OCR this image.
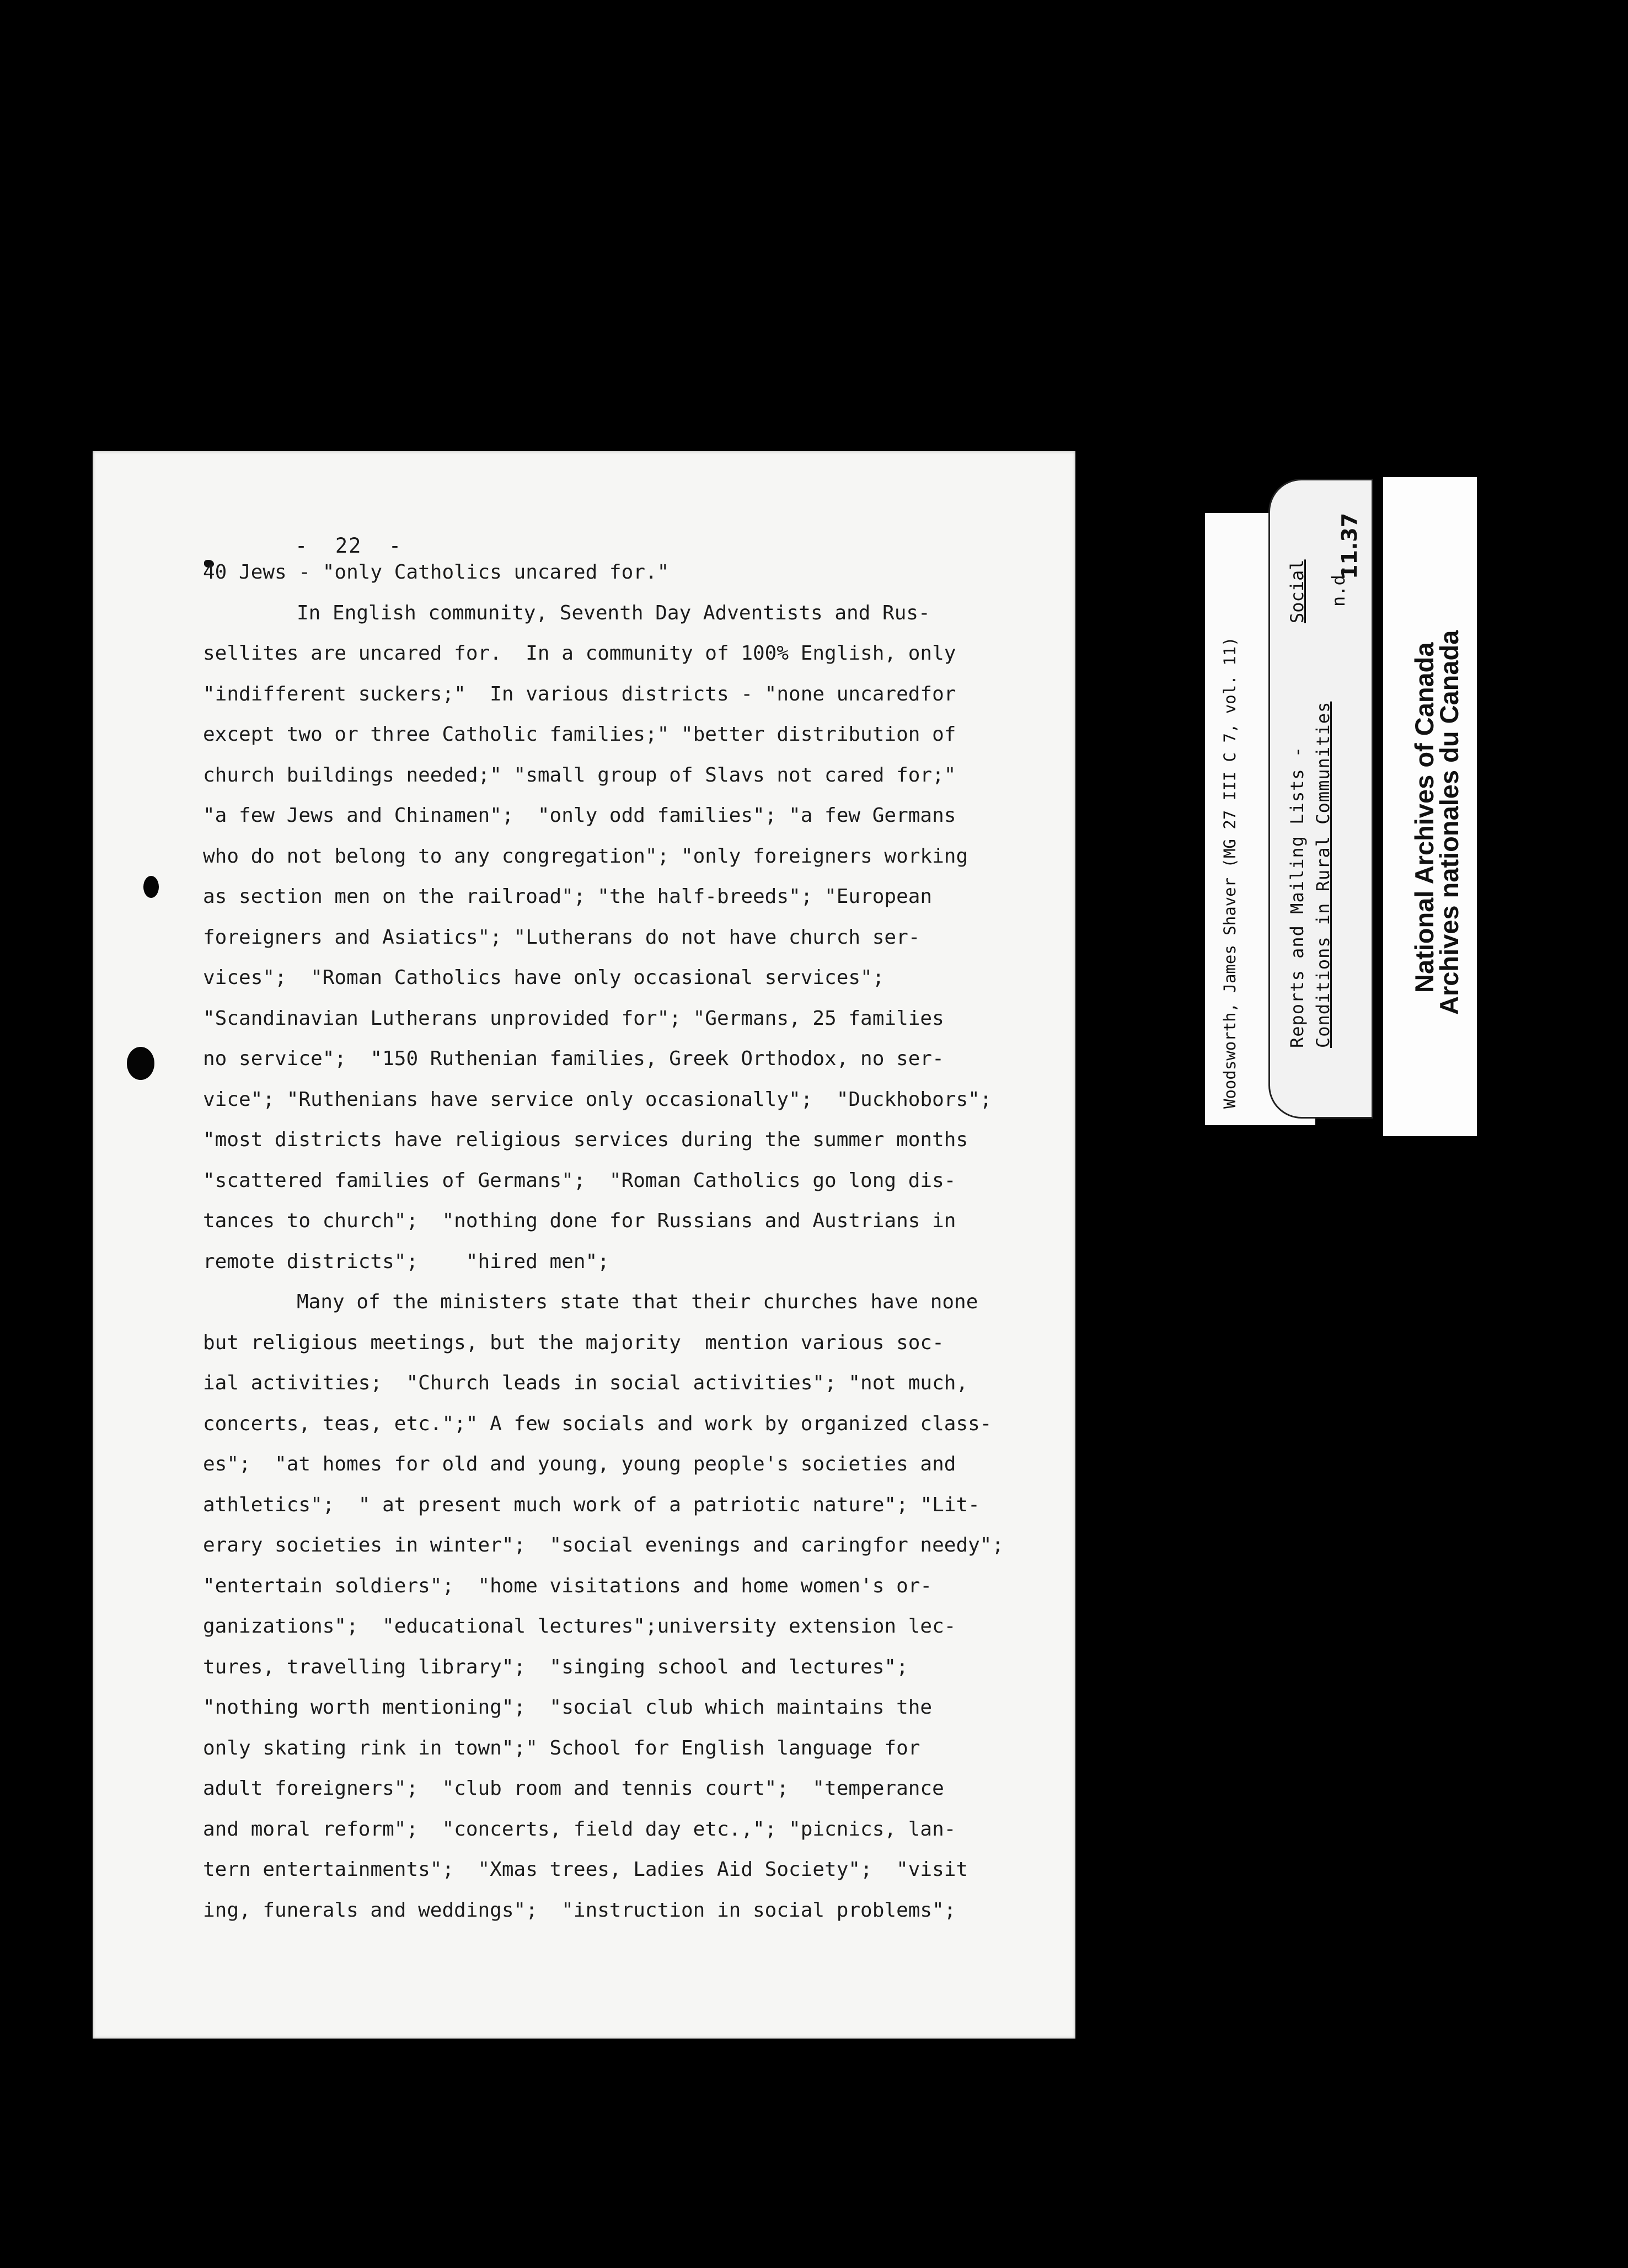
-  22  -
40 Jews - "only Catholics uncared for."
In English community, Seventh Day Adventists and Rus-
sellites are uncared for.  In a community of 100% English, only
"indifferent suckers;"  In various districts - "none uncaredfor
except two or three Catholic families;" "better distribution of
church buildings needed;" "small group of Slavs not cared for;"
"a few Jews and Chinamen";  "only odd families"; "a few Germans
who do not belong to any congregation"; "only foreigners working
as section men on the railroad"; "the half-breeds"; "European
foreigners and Asiatics"; "Lutherans do not have church ser-
vices";  "Roman Catholics have only occasional services";
"Scandinavian Lutherans unprovided for"; "Germans, 25 families
no service";  "150 Ruthenian families, Greek Orthodox, no ser-
vice"; "Ruthenians have service only occasionally";  "Duckhobors";
"most districts have religious services during the summer months
"scattered families of Germans";  "Roman Catholics go long dis-
tances to church";  "nothing done for Russians and Austrians in
remote districts";    "hired men";
Many of the ministers state that their churches have none
but religious meetings, but the majority  mention various soc-
ial activities;  "Church leads in social activities"; "not much,
concerts, teas, etc.";" A few socials and work by organized class-
es";  "at homes for old and young, young people's societies and
athletics";  " at present much work of a patriotic nature"; "Lit-
erary societies in winter";  "social evenings and caringfor needy";
"entertain soldiers";  "home visitations and home women's or-
ganizations";  "educational lectures";university extension lec-
tures, travelling library";  "singing school and lectures";
"nothing worth mentioning";  "social club which maintains the
only skating rink in town";" School for English language for
adult foreigners";  "club room and tennis court";  "temperance
and moral reform";  "concerts, field day etc.,"; "picnics, lan-
tern entertainments";  "Xmas trees, Ladies Aid Society";  "visit
ing, funerals and weddings";  "instruction in social problems";
Woodsworth, James Shaver (MG 27 III C 7, vol. 11)	Reports and Mailing Lists -
Social
Conditions in Rural Communities
n.d.
11.37
National Archives of Canada
Archives nationales du Canada
